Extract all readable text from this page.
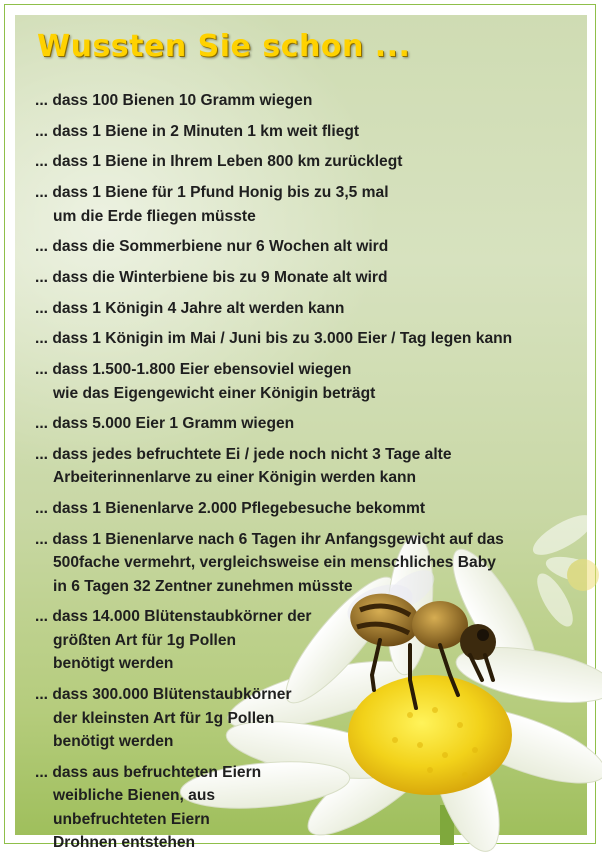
Wussten Sie schon ...
... dass 100 Bienen 10 Gramm wiegen
... dass 1 Biene in 2 Minuten 1 km weit fliegt
... dass 1 Biene in Ihrem Leben 800 km zurücklegt
... dass 1 Biene für 1 Pfund Honig bis zu 3,5 mal
um die Erde fliegen müsste
... dass die Sommerbiene nur 6 Wochen alt wird
... dass die Winterbiene bis zu 9 Monate alt wird
... dass 1 Königin 4 Jahre alt werden kann
... dass 1 Königin im Mai / Juni bis zu 3.000 Eier / Tag legen kann
... dass 1.500-1.800 Eier ebensoviel wiegen
wie das Eigengewicht einer Königin beträgt
... dass 5.000 Eier 1 Gramm wiegen
... dass jedes befruchtete Ei / jede noch nicht 3 Tage alte
Arbeiterinnenlarve zu einer Königin werden kann
... dass 1 Bienenlarve 2.000 Pflegebesuche bekommt
... dass 1 Bienenlarve nach 6 Tagen ihr Anfangsgewicht auf das
500fache vermehrt, vergleichsweise ein menschliches Baby
in 6 Tagen 32 Zentner zunehmen müsste
... dass 14.000 Blütenstaubkörner der
größten Art für 1g Pollen
benötigt werden
... dass 300.000 Blütenstaubkörner
der kleinsten Art für 1g Pollen
benötigt werden
... dass aus befruchteten Eiern
weibliche Bienen, aus
unbefruchteten Eiern
Drohnen entstehen
